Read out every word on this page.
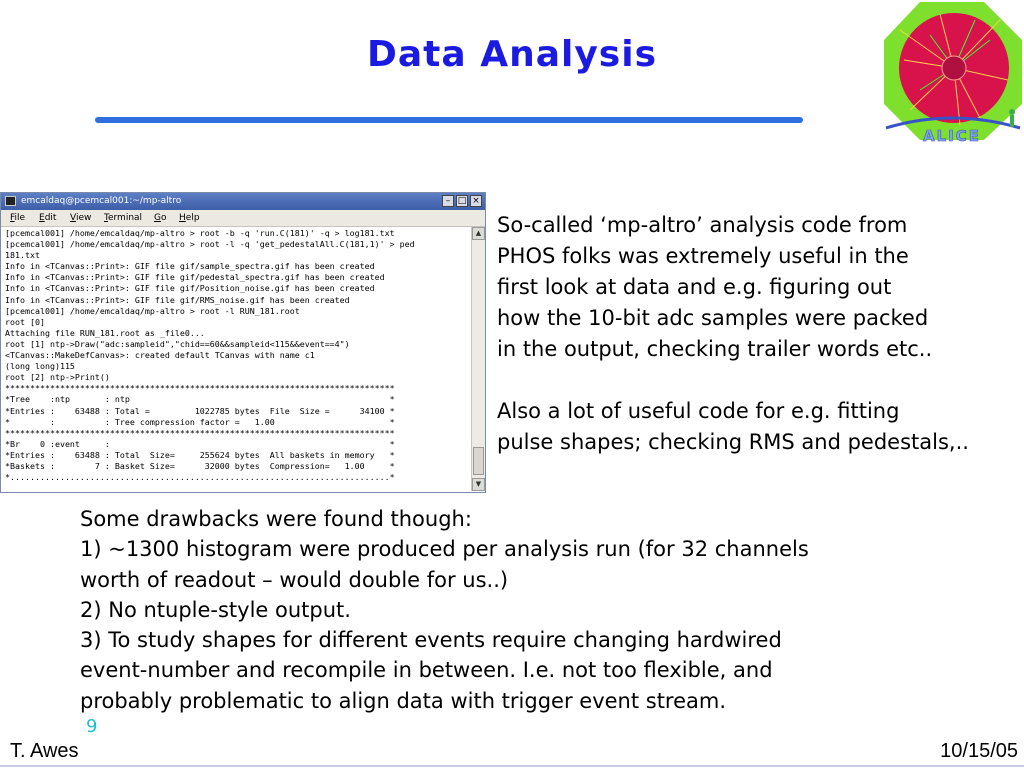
Data Analysis
ALICE
emcaldaq@pcemcal001:~/mp-altro	– □ ×
File Edit View Terminal Go Help
[pcemcal001] /home/emcaldaq/mp-altro > root -b -q 'run.C(181)' -q > log181.txt
[pcemcal001] /home/emcaldaq/mp-altro > root -l -q 'get_pedestalAll.C(181,1)' > ped
181.txt
Info in <TCanvas::Print>: GIF file gif/sample_spectra.gif has been created
Info in <TCanvas::Print>: GIF file gif/pedestal_spectra.gif has been created
Info in <TCanvas::Print>: GIF file gif/Position_noise.gif has been created
Info in <TCanvas::Print>: GIF file gif/RMS_noise.gif has been created
[pcemcal001] /home/emcaldaq/mp-altro > root -l RUN_181.root
root [0]
Attaching file RUN_181.root as _file0...
root [1] ntp->Draw("adc:sampleid","chid==60&&sampleid<115&&event==4")
<TCanvas::MakeDefCanvas>: created default TCanvas with name c1
(long long)115
root [2] ntp->Print()
******************************************************************************
*Tree    :ntp       : ntp                                                    *
*Entries :    63488 : Total =         1022785 bytes  File  Size =      34100 *
*        :          : Tree compression factor =   1.00                       *
******************************************************************************
*Br    0 :event     :                                                        *
*Entries :    63488 : Total  Size=     255624 bytes  All baskets in memory   *
*Baskets :        7 : Basket Size=      32000 bytes  Compression=   1.00     *
*............................................................................*
▲
▼

So-called ‘mp-altro’ analysis code from

PHOS folks was extremely useful in the

first look at data and e.g. figuring out

how the 10-bit adc samples were packed

in the output, checking trailer words etc..

Also a lot of useful code for e.g. fitting

pulse shapes; checking RMS and pedestals,..

Some drawbacks were found though:

1) ~1300 histogram were produced per analysis run (for 32 channels

worth of readout – would double for us..)

2) No ntuple-style output.

3) To study shapes for different events require changing hardwired

event-number and recompile in between. I.e. not too flexible, and

probably problematic to align data with trigger event stream.

9
T. Awes	10/15/05
